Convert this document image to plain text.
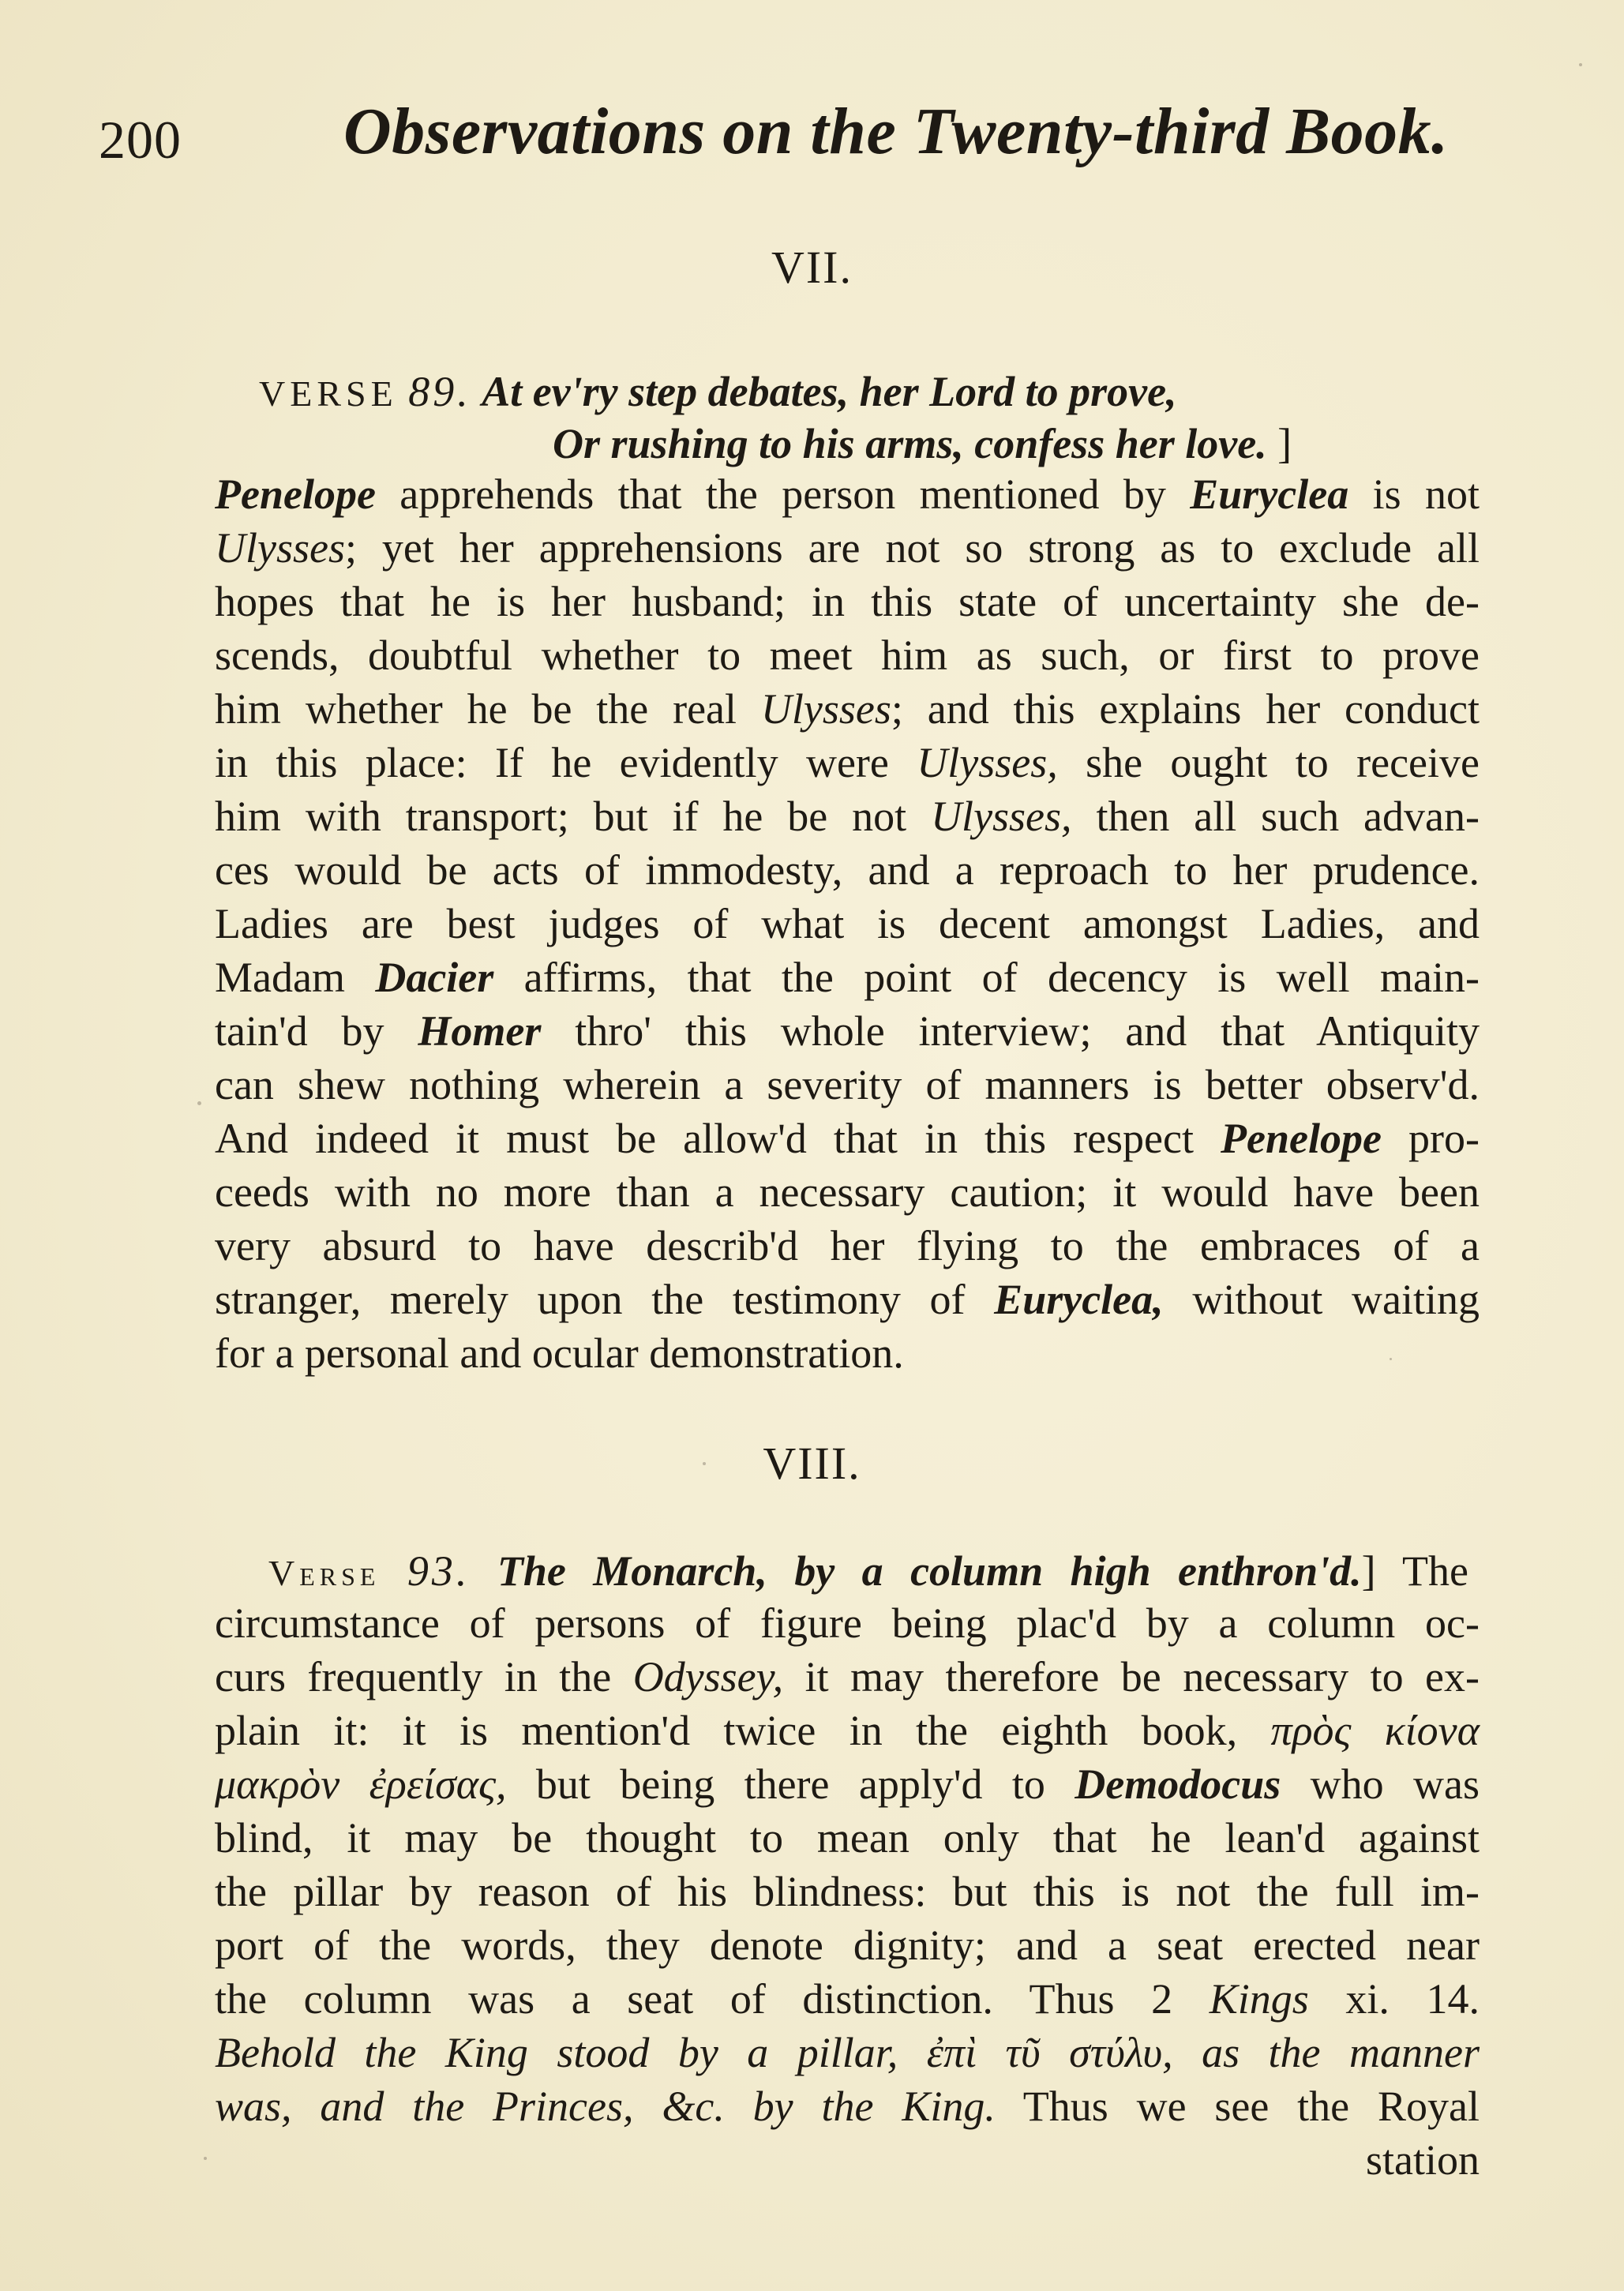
200 Observations on the Twenty-third Book.
VII.
VERSE 89. At ev'ry step debates, her Lord to prove,
Or rushing to his arms, confess her love. ]
Penelope apprehends that the person mentioned by Euryclea is not
Ulysses; yet her apprehensions are not so strong as to exclude all
hopes that he is her husband; in this state of uncertainty she de-
scends, doubtful whether to meet him as such, or first to prove
him whether he be the real Ulysses; and this explains her conduct
in this place: If he evidently were Ulysses, she ought to receive
him with transport; but if he be not Ulysses, then all such advan-
ces would be acts of immodesty, and a reproach to her prudence.
Ladies are best judges of what is decent amongst Ladies, and
Madam Dacier affirms, that the point of decency is well main-
tain'd by Homer thro' this whole interview; and that Antiquity
can shew nothing wherein a severity of manners is better observ'd.
And indeed it must be allow'd that in this respect Penelope pro-
ceeds with no more than a necessary caution; it would have been
very absurd to have describ'd her flying to the embraces of a
stranger, merely upon the testimony of Euryclea, without waiting
for a personal and ocular demonstration.
VIII.
Verse 93. The Monarch, by a column high enthron'd.] The
circumstance of persons of figure being plac'd by a column oc-
curs frequently in the Odyssey, it may therefore be necessary to ex-
plain it: it is mention'd twice in the eighth book, πρὸς κίονα
μακρὸν ἐρείσας, but being there apply'd to Demodocus who was
blind, it may be thought to mean only that he lean'd against
the pillar by reason of his blindness: but this is not the full im-
port of the words, they denote dignity; and a seat erected near
the column was a seat of distinction. Thus 2 Kings xi. 14.
Behold the King stood by a pillar, ἐπὶ τῦ στύλυ, as the manner
was, and the Princes, &c. by the King. Thus we see the Royal
station
